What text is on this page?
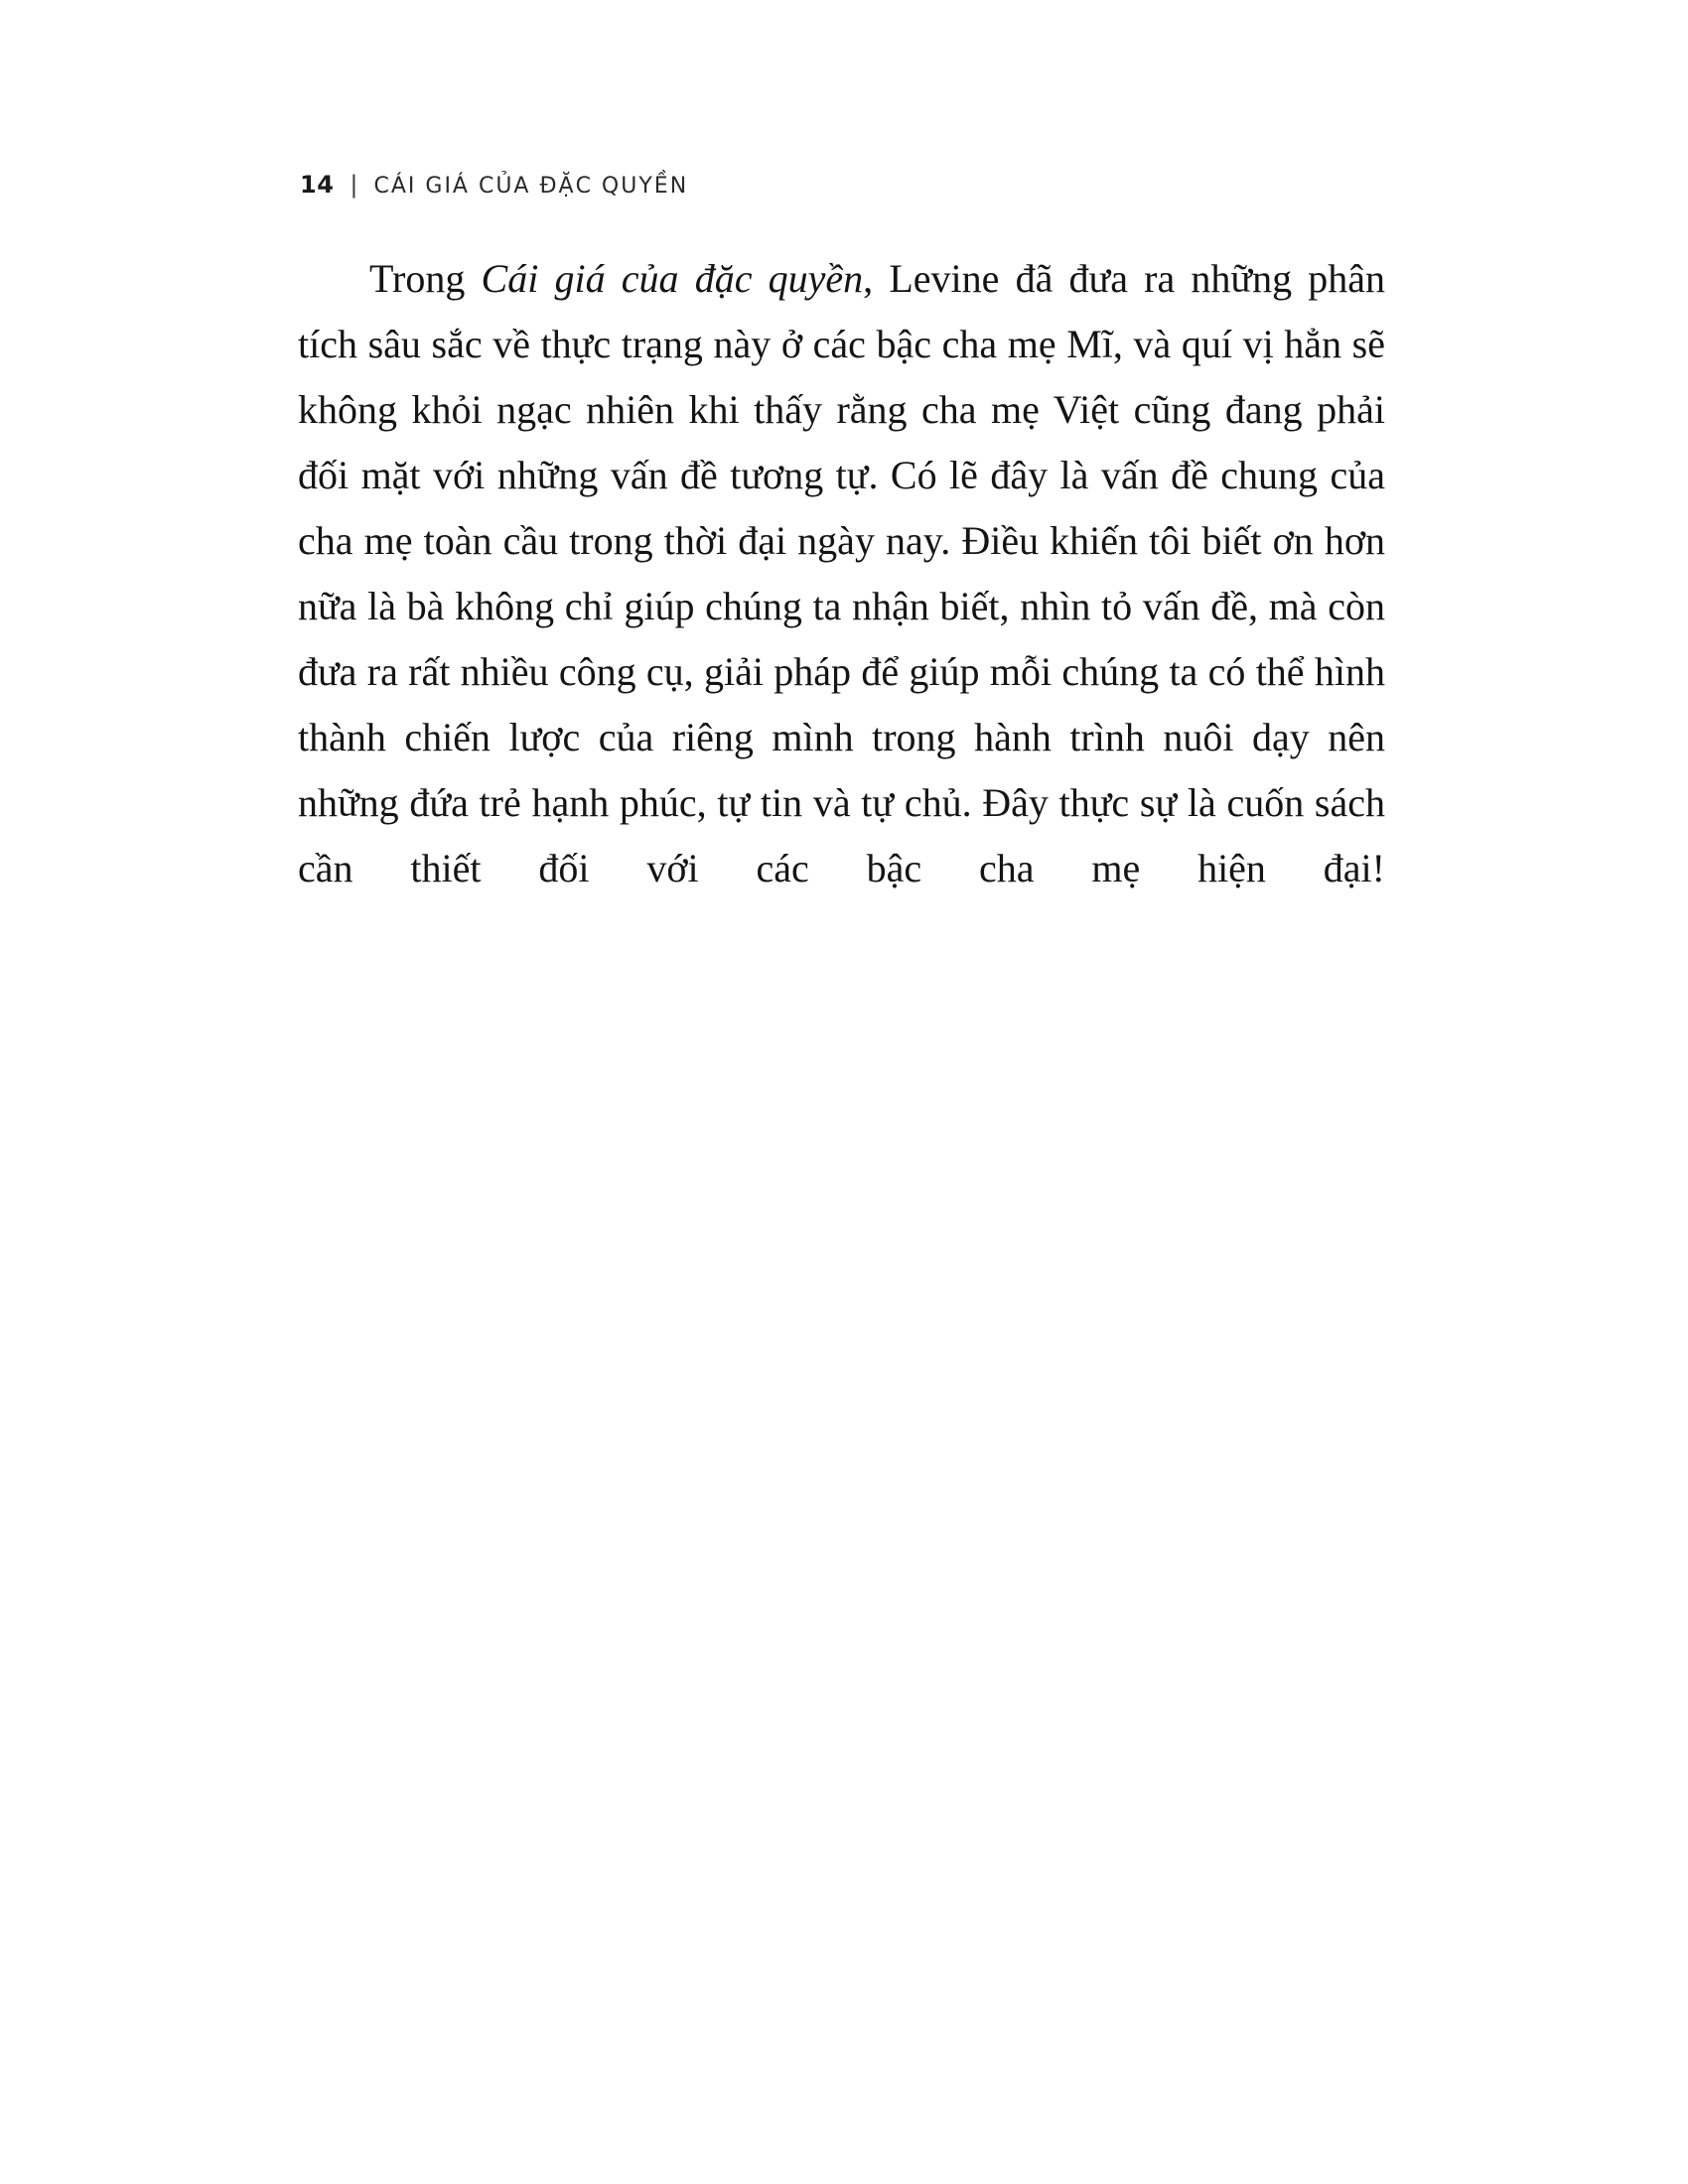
14 | CÁI GIÁ CỦA ĐẶC QUYỀN

Trong Cái giá của đặc quyền, Levine đã đưa ra những phân tích sâu sắc về thực trạng này ở các bậc cha mẹ Mĩ, và quí vị hẳn sẽ không khỏi ngạc nhiên khi thấy rằng cha mẹ Việt cũng đang phải đối mặt với những vấn đề tương tự. Có lẽ đây là vấn đề chung của cha mẹ toàn cầu trong thời đại ngày nay. Điều khiến tôi biết ơn hơn nữa là bà không chỉ giúp chúng ta nhận biết, nhìn tỏ vấn đề, mà còn đưa ra rất nhiều công cụ, giải pháp để giúp mỗi chúng ta có thể hình thành chiến lược của riêng mình trong hành trình nuôi dạy nên những đứa trẻ hạnh phúc, tự tin và tự chủ. Đây thực sự là cuốn sách cần thiết đối với các bậc cha mẹ hiện đại!
